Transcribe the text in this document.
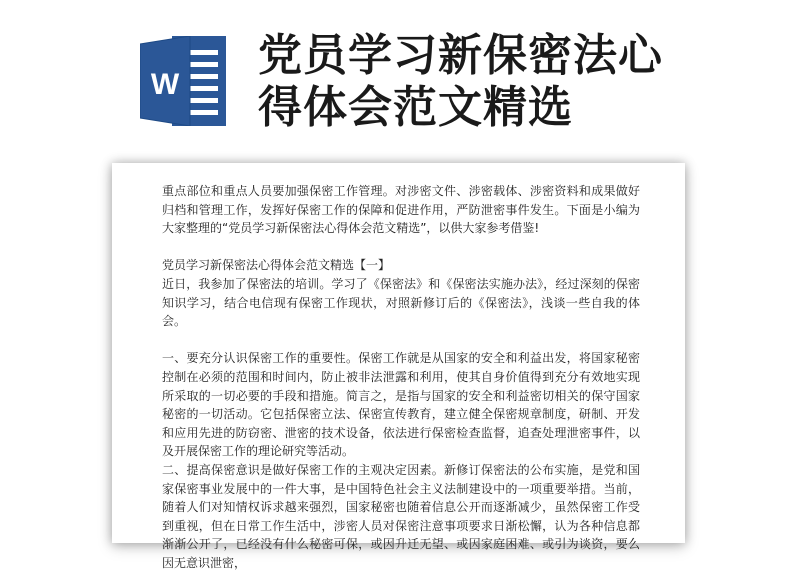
W
党员学习新保密法心得体会范文精选

重点部位和重点人员要加强保密工作管理。对涉密文件、涉密载体、涉密资料和成果做好归档和管理工作，发挥好保密工作的保障和促进作用，严防泄密事件发生。下面是小编为大家整理的“党员学习新保密法心得体会范文精选”，以供大家参考借鉴!

党员学习新保密法心得体会范文精选【一】

近日，我参加了保密法的培训。学习了《保密法》和《保密法实施办法》，经过深刻的保密知识学习，结合电信现有保密工作现状，对照新修订后的《保密法》，浅谈一些自我的体会。

一、要充分认识保密工作的重要性。保密工作就是从国家的安全和利益出发，将国家秘密控制在必须的范围和时间内，防止被非法泄露和利用，使其自身价值得到充分有效地实现所采取的一切必要的手段和措施。简言之，是指与国家的安全和利益密切相关的保守国家秘密的一切活动。它包括保密立法、保密宣传教育，建立健全保密规章制度，研制、开发和应用先进的防窃密、泄密的技术设备，依法进行保密检查监督，追查处理泄密事件，以及开展保密工作的理论研究等活动。

二、提高保密意识是做好保密工作的主观决定因素。新修订保密法的公布实施，是党和国家保密事业发展中的一件大事，是中国特色社会主义法制建设中的一项重要举措。当前，随着人们对知情权诉求越来强烈，国家秘密也随着信息公开而逐渐减少，虽然保密工作受到重视，但在日常工作生活中，涉密人员对保密注意事项要求日渐松懈，认为各种信息都渐渐公开了，已经没有什么秘密可保，或因升迁无望、或因家庭困难、或引为谈资，要么因无意识泄密，
